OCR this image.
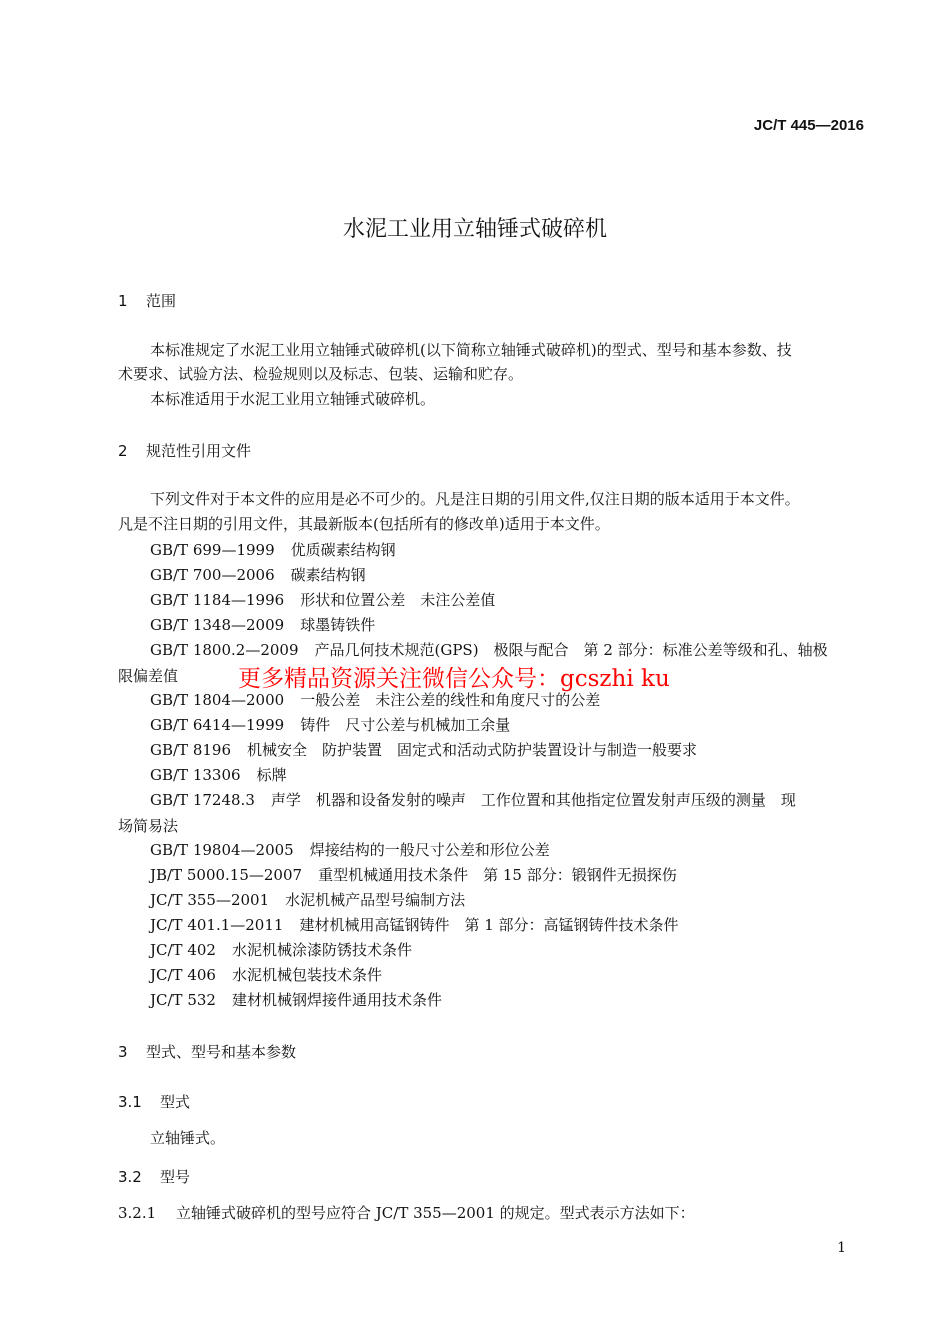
JC/T 445—2016
水泥工业用立轴锤式破碎机
1 范围
本标准规定了水泥工业用立轴锤式破碎机(以下简称立轴锤式破碎机)的型式、型号和基本参数、技
术要求、试验方法、检验规则以及标志、包装、运输和贮存。
本标准适用于水泥工业用立轴锤式破碎机。
2 规范性引用文件
下列文件对于本文件的应用是必不可少的。凡是注日期的引用文件,仅注日期的版本适用于本文件。
凡是不注日期的引用文件，其最新版本(包括所有的修改单)适用于本文件。
GB/T 699—1999 优质碳素结构钢
GB/T 700—2006 碳素结构钢
GB/T 1184—1996 形状和位置公差　未注公差值
GB/T 1348—2009 球墨铸铁件
GB/T 1800.2—2009 产品几何技术规范(GPS)　极限与配合　第 2 部分：标准公差等级和孔、轴极
限偏差值	更多精品资源关注微信公众号：gcszhi ku
GB/T 1804—2000 一般公差　未注公差的线性和角度尺寸的公差
GB/T 6414—1999 铸件　尺寸公差与机械加工余量
GB/T 8196 机械安全　防护装置　固定式和活动式防护装置设计与制造一般要求
GB/T 13306 标牌
GB/T 17248.3 声学　机器和设备发射的噪声　工作位置和其他指定位置发射声压级的测量　现
场简易法
GB/T 19804—2005 焊接结构的一般尺寸公差和形位公差
JB/T 5000.15—2007 重型机械通用技术条件　第 15 部分：锻钢件无损探伤
JC/T 355—2001 水泥机械产品型号编制方法
JC/T 401.1—2011 建材机械用高锰钢铸件　第 1 部分：高锰钢铸件技术条件
JC/T 402 水泥机械涂漆防锈技术条件
JC/T 406 水泥机械包装技术条件
JC/T 532 建材机械钢焊接件通用技术条件
3 型式、型号和基本参数
3.1 型式
立轴锤式。
3.2 型号
3.2.1 立轴锤式破碎机的型号应符合 JC/T 355—2001 的规定。型式表示方法如下：
1
